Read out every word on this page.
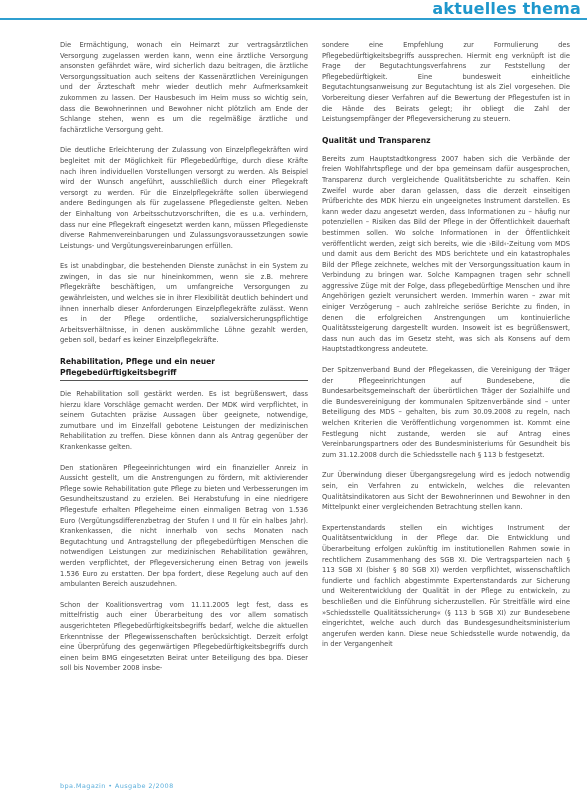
aktuelles thema

Die Ermächtigung, wonach ein Heimarzt zur vertragsärztlichen Versorgung zugelassen werden kann, wenn eine ärztliche Versorgung ansonsten gefährdet wäre, wird sicherlich dazu beitragen, die ärztliche Versorgungssituation auch seitens der Kassenärztlichen Vereinigungen und der Ärzteschaft mehr wieder deutlich mehr Aufmerksamkeit zukommen zu lassen. Der Hausbesuch im Heim muss so wichtig sein, dass die Bewohnerinnen und Bewohner nicht plötzlich am Ende der Schlange stehen, wenn es um die regelmäßige ärztliche und fachärztliche Versorgung geht.

Die deutliche Erleichterung der Zulassung von Einzelpflegekräften wird begleitet mit der Möglichkeit für Pflegebedürftige, durch diese Kräfte nach ihren individuellen Vorstellungen versorgt zu werden. Als Beispiel wird der Wunsch angeführt, ausschließlich durch einer Pflegekraft versorgt zu werden. Für die Einzelpflegekräfte sollen überwiegend andere Bedingungen als für zugelassene Pflegedienste gelten. Neben der Einhaltung von Arbeitsschutzvorschriften, die es u.a. verhindern, dass nur eine Pflegekraft eingesetzt werden kann, müssen Pflegedienste diverse Rahmenvereinbarungen und Zulassungsvoraussetzungen sowie Leistungs- und Vergütungsvereinbarungen erfüllen.

Es ist unabdingbar, die bestehenden Dienste zunächst in ein System zu zwingen, in das sie nur hineinkommen, wenn sie z.B. mehrere Pflegekräfte beschäftigen, um umfangreiche Versorgungen zu gewährleisten, und welches sie in ihrer Flexibilität deutlich behindert und ihnen innerhalb dieser Anforderungen Einzelpflegekräfte zulässt. Wenn es in der Pflege ordentliche, sozialversicherungspflichtige Arbeitsverhältnisse, in denen auskömmliche Löhne gezahlt werden, geben soll, bedarf es keiner Einzelpflegekräfte.

Rehabilitation, Pflege und ein neuer Pflegebedürftigkeitsbegriff

Die Rehabilitation soll gestärkt werden. Es ist begrüßenswert, dass hierzu klare Vorschläge gemacht werden. Der MDK wird verpflichtet, in seinem Gutachten präzise Aussagen über geeignete, notwendige, zumutbare und im Einzelfall gebotene Leistungen der medizinischen Rehabilitation zu treffen. Diese können dann als Antrag gegenüber der Krankenkasse gelten.

Den stationären Pflegeeinrichtungen wird ein finanzieller Anreiz in Aussicht gestellt, um die Anstrengungen zu fördern, mit aktivierender Pflege sowie Rehabilitation gute Pflege zu bieten und Verbesserungen im Gesundheitszustand zu erzielen. Bei Herabstufung in eine niedrigere Pflegestufe erhalten Pflegeheime einen einmaligen Betrag von 1.536 Euro (Vergütungsdifferenzbetrag der Stufen I und II für ein halbes Jahr). Krankenkassen, die nicht innerhalb von sechs Monaten nach Begutachtung und Antragstellung der pflegebedürftigen Menschen die notwendigen Leistungen zur medizinischen Rehabilitation gewähren, werden verpflichtet, der Pflegeversicherung einen Betrag von jeweils 1.536 Euro zu erstatten. Der bpa fordert, diese Regelung auch auf den ambulanten Bereich auszudehnen.

Schon der Koalitionsvertrag vom 11.11.2005 legt fest, dass es mittelfristig auch einer Überarbeitung des vor allem somatisch ausgerichteten Pflegebedürftigkeitsbegriffs bedarf, welche die aktuellen Erkenntnisse der Pflegewissenschaften berücksichtigt. Derzeit erfolgt eine Überprüfung des gegenwärtigen Pflegebedürftigkeitsbegriffs durch einen beim BMG eingesetzten Beirat unter Beteiligung des bpa. Dieser soll bis November 2008 insbe-

sondere eine Empfehlung zur Formulierung des Pflegebedürftigkeitsbegriffs aussprechen. Hiermit eng verknüpft ist die Frage der Begutachtungsverfahrens zur Feststellung der Pflegebedürftigkeit. Eine bundesweit einheitliche Begutachtungsanweisung zur Begutachtung ist als Ziel vorgesehen. Die Vorbereitung dieser Verfahren auf die Bewertung der Pflegestufen ist in die Hände des Beirats gelegt; ihr obliegt die Zahl der Leistungsempfänger der Pflegeversicherung zu steuern.

Qualität und Transparenz

Bereits zum Hauptstadtkongress 2007 haben sich die Verbände der freien Wohlfahrtspflege und der bpa gemeinsam dafür ausgesprochen, Transparenz durch vergleichende Qualitätsberichte zu schaffen. Kein Zweifel wurde aber daran gelassen, dass die derzeit einseitigen Prüfberichte des MDK hierzu ein ungeeignetes Instrument darstellen. Es kann weder dazu angesetzt werden, dass Informationen zu – häufig nur potenziellen – Risiken das Bild der Pflege in der Öffentlichkeit dauerhaft bestimmen sollen. Wo solche Informationen in der Öffentlichkeit veröffentlicht werden, zeigt sich bereits, wie die ›Bild‹-Zeitung vom MDS und damit aus dem Bericht des MDS berichtete und ein katastrophales Bild der Pflege zeichnete, welches mit der Versorgungssituation kaum in Verbindung zu bringen war. Solche Kampagnen tragen sehr schnell aggressive Züge mit der Folge, dass pflegebedürftige Menschen und ihre Angehörigen gezielt verunsichert werden. Immerhin waren – zwar mit einiger Verzögerung – auch zahlreiche seriöse Berichte zu finden, in denen die erfolgreichen Anstrengungen um kontinuierliche Qualitätssteigerung dargestellt wurden. Insoweit ist es begrüßenswert, dass nun auch das im Gesetz steht, was sich als Konsens auf dem Hauptstadtkongress andeutete.

Der Spitzenverband Bund der Pflegekassen, die Vereinigung der Träger der Pflegeeinrichtungen auf Bundesebene, die Bundesarbeitsgemeinschaft der überörtlichen Träger der Sozialhilfe und die Bundesvereinigung der kommunalen Spitzenverbände sind – unter Beteiligung des MDS – gehalten, bis zum 30.09.2008 zu regeln, nach welchen Kriterien die Veröffentlichung vorgenommen ist. Kommt eine Festlegung nicht zustande, werden sie auf Antrag eines Vereinbarungspartners oder des Bundesministeriums für Gesundheit bis zum 31.12.2008 durch die Schiedsstelle nach § 113 b festgesetzt.

Zur Überwindung dieser Übergangsregelung wird es jedoch notwendig sein, ein Verfahren zu entwickeln, welches die relevanten Qualitätsindikatoren aus Sicht der Bewohnerinnen und Bewohner in den Mittelpunkt einer vergleichenden Betrachtung stellen kann.

Expertenstandards stellen ein wichtiges Instrument der Qualitätsentwicklung in der Pflege dar. Die Entwicklung und Überarbeitung erfolgen zukünftig im institutionellen Rahmen sowie in rechtlichem Zusammenhang des SGB XI. Die Vertragsparteien nach § 113 SGB XI (bisher § 80 SGB XI) werden verpflichtet, wissenschaftlich fundierte und fachlich abgestimmte Expertenstandards zur Sicherung und Weiterentwicklung der Qualität in der Pflege zu entwickeln, zu beschließen und die Einführung sicherzustellen. Für Streitfälle wird eine »Schiedsstelle Qualitätssicherung« (§ 113 b SGB XI) zur Bundesebene eingerichtet, welche auch durch das Bundesgesundheitsministerium angerufen werden kann. Diese neue Schiedsstelle wurde notwendig, da in der Vergangenheit

bpa.Magazin • Ausgabe 2/2008
